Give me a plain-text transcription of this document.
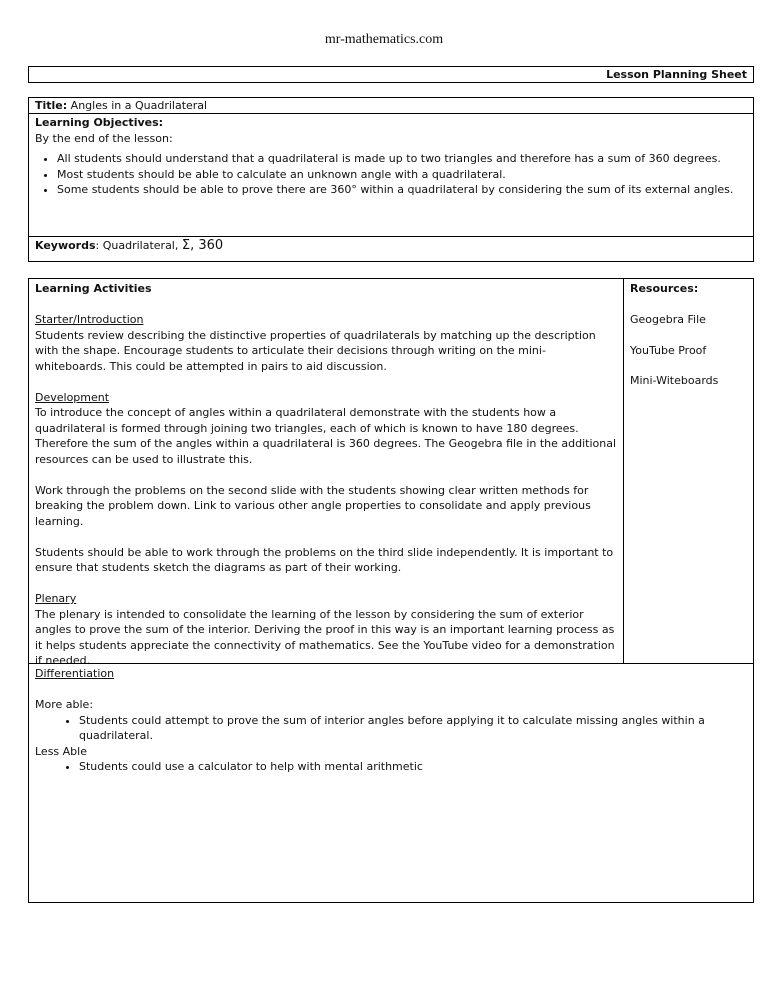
mr-mathematics.com
Lesson Planning Sheet
Title: Angles in a Quadrilateral
Learning Objectives:
By the end of the lesson:
• All students should understand that a quadrilateral is made up to two triangles and therefore has a sum of 360 degrees.
• Most students should be able to calculate an unknown angle with a quadrilateral.
• Some students should be able to prove there are 360° within a quadrilateral by considering the sum of its external angles.
Keywords: Quadrilateral, Σ, 360
Learning Activities
Starter/Introduction

Students review describing the distinctive properties of quadrilaterals by matching up the description with the shape. Encourage students to articulate their decisions through writing on the mini-whiteboards. This could be attempted in pairs to aid discussion.

Development

To introduce the concept of angles within a quadrilateral demonstrate with the students how a quadrilateral is formed through joining two triangles, each of which is known to have 180 degrees. Therefore the sum of the angles within a quadrilateral is 360 degrees. The Geogebra file in the additional resources can be used to illustrate this.

Work through the problems on the second slide with the students showing clear written methods for breaking the problem down. Link to various other angle properties to consolidate and apply previous learning.

Students should be able to work through the problems on the third slide independently. It is important to ensure that students sketch the diagrams as part of their working.

Plenary

The plenary is intended to consolidate the learning of the lesson by considering the sum of exterior angles to prove the sum of the interior. Deriving the proof in this way is an important learning process as it helps students appreciate the connectivity of mathematics. See the YouTube video for a demonstration if needed.

Resources:
Geogebra File
YouTube Proof
Mini-Witeboards
Differentiation
More able:
• Students could attempt to prove the sum of interior angles before applying it to calculate missing angles within a quadrilateral.
Less Able
• Students could use a calculator to help with mental arithmetic
